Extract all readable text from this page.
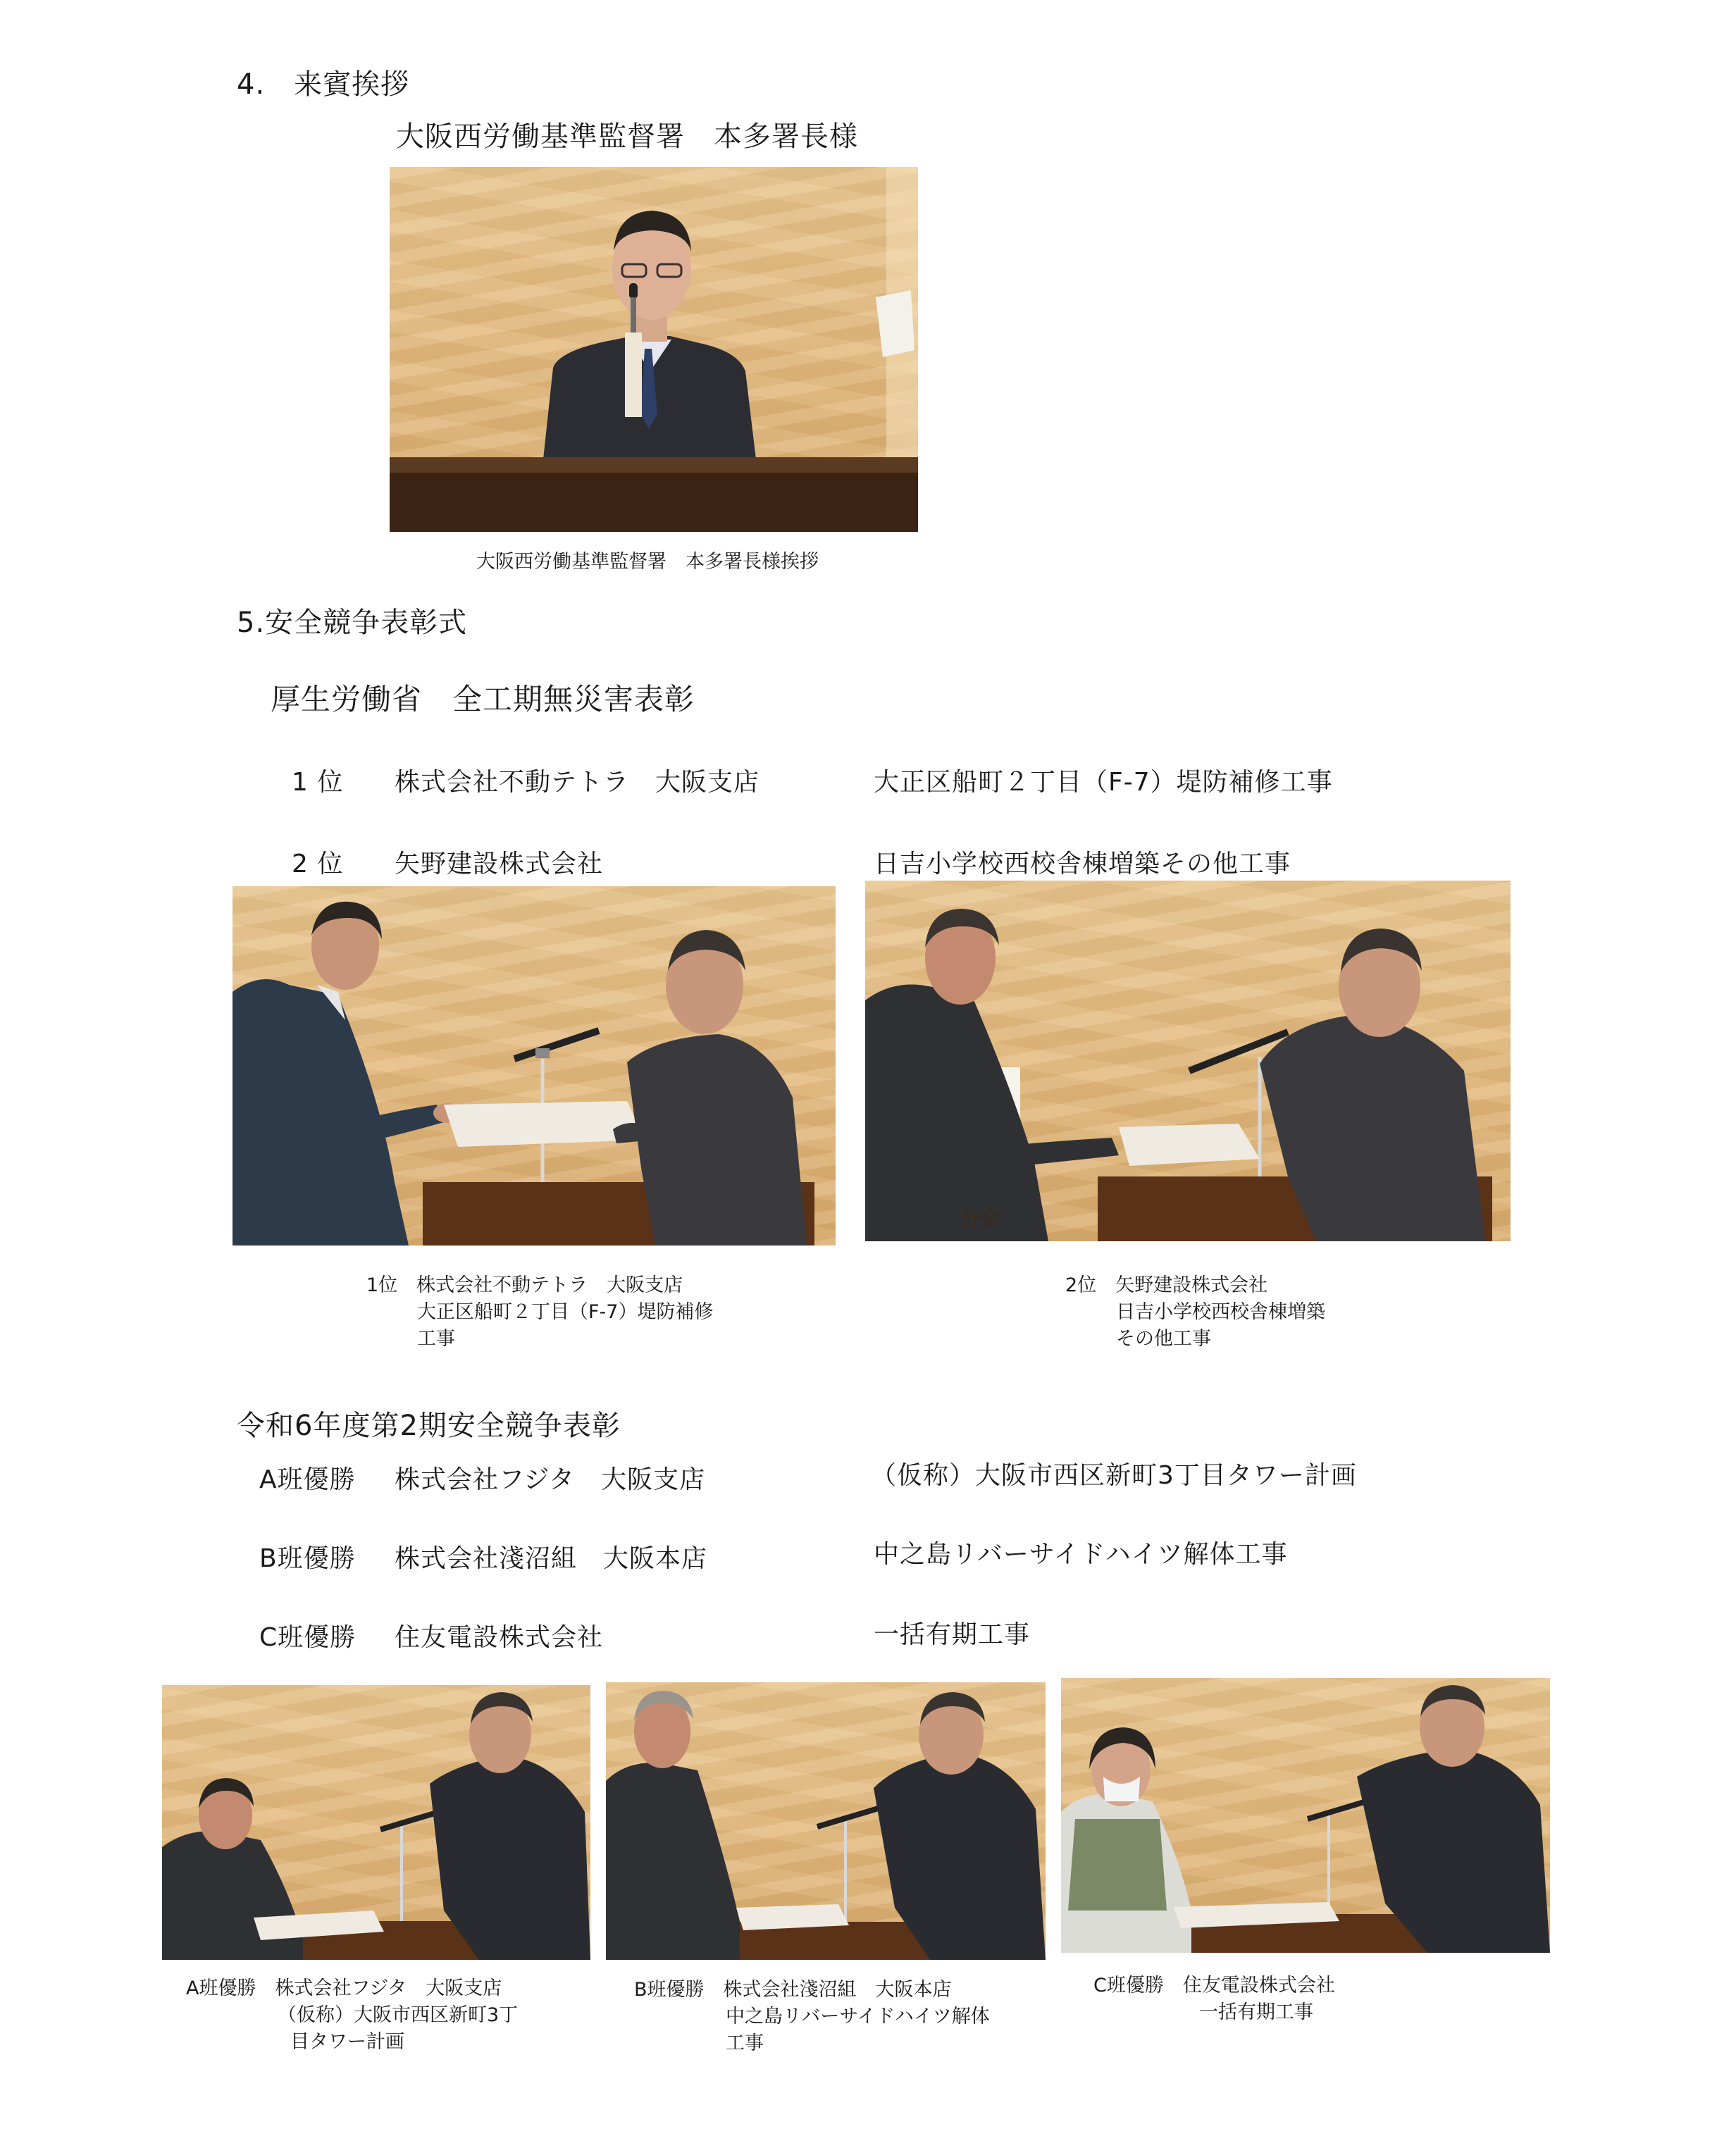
4.　来賓挨拶
大阪西労働基準監督署　本多署長様
大阪西労働基準監督署　本多署長様挨拶
5.安全競争表彰式
厚生労働省　全工期無災害表彰
1 位 株式会社不動テトラ　大阪支店	大正区船町２丁目（F-7）堤防補修工事
2 位 矢野建設株式会社	日吉小学校西校舎棟増築その他工事
分会
1位　株式会社不動テトラ　大阪支店
大正区船町２丁目（F-7）堤防補修
工事
2位　矢野建設株式会社
日吉小学校西校舎棟増築
その他工事
令和6年度第2期安全競争表彰
A班優勝 株式会社フジタ　大阪支店	（仮称）大阪市西区新町3丁目タワー計画
B班優勝 株式会社淺沼組　大阪本店	中之島リバーサイドハイツ解体工事
C班優勝 住友電設株式会社	一括有期工事
A班優勝　株式会社フジタ　大阪支店
（仮称）大阪市西区新町3丁
目タワー計画
B班優勝　株式会社淺沼組　大阪本店
中之島リバーサイドハイツ解体
工事
C班優勝　住友電設株式会社
一括有期工事
